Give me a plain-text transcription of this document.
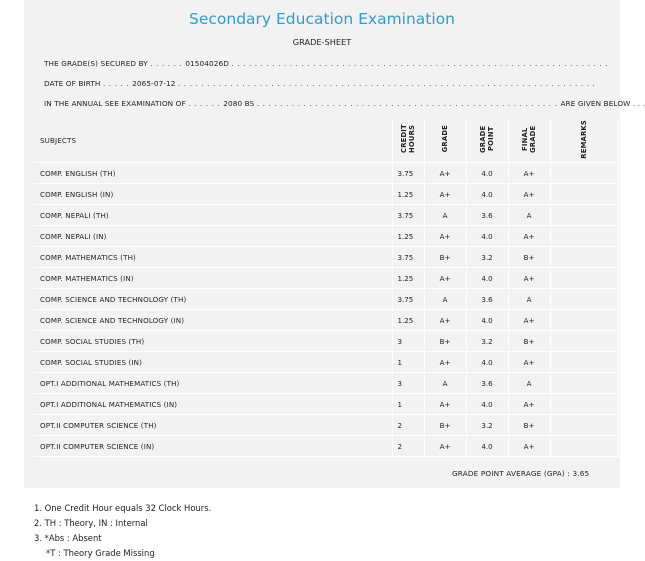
Secondary Education Examination
GRADE-SHEET
THE GRADE(S) SECURED BY . . . . . . 01504026D . . . . . . . . . . . . . . . . . . . . . . . . . . . . . . . . . . . . . . . . . . . . . . . . . . . . . . . . . . . . . . . . .
DATE OF BIRTH . . . . . 2065-07-12 . . . . . . . . . . . . . . . . . . . . . . . . . . . . . . . . . . . . . . . . . . . . . . . . . . . . . . . . . . . . . . . . . . . . . . . .
IN THE ANNUAL SEE EXAMINATION OF . . . . . . 2080 BS . . . . . . . . . . . . . . . . . . . . . . . . . . . . . . . . . . . . . . . . . . . . . . . . . . . . ARE GIVEN BELOW . . .
SUBJECTS	CREDIT HOURS	GRADE	GRADE POINT	FINAL GRADE	REMARKS
COMP. ENGLISH (TH)	3.75	A+	4.0	A+	
COMP. ENGLISH (IN)	1.25	A+	4.0	A+	
COMP. NEPALI (TH)	3.75	A	3.6	A	
COMP. NEPALI (IN)	1.25	A+	4.0	A+	
COMP. MATHEMATICS (TH)	3.75	B+	3.2	B+	
COMP. MATHEMATICS (IN)	1.25	A+	4.0	A+	
COMP. SCIENCE AND TECHNOLOGY (TH)	3.75	A	3.6	A	
COMP. SCIENCE AND TECHNOLOGY (IN)	1.25	A+	4.0	A+	
COMP. SOCIAL STUDIES (TH)	3	B+	3.2	B+	
COMP. SOCIAL STUDIES (IN)	1	A+	4.0	A+	
OPT.I ADDITIONAL MATHEMATICS (TH)	3	A	3.6	A	
OPT.I ADDITIONAL MATHEMATICS (IN)	1	A+	4.0	A+	
OPT.II COMPUTER SCIENCE (TH)	2	B+	3.2	B+	
OPT.II COMPUTER SCIENCE (IN)	2	A+	4.0	A+	
GRADE POINT AVERAGE (GPA) : 3.65
1. One Credit Hour equals 32 Clock Hours.
2. TH : Theory, IN : Internal
3. *Abs : Absent
*T : Theory Grade Missing
